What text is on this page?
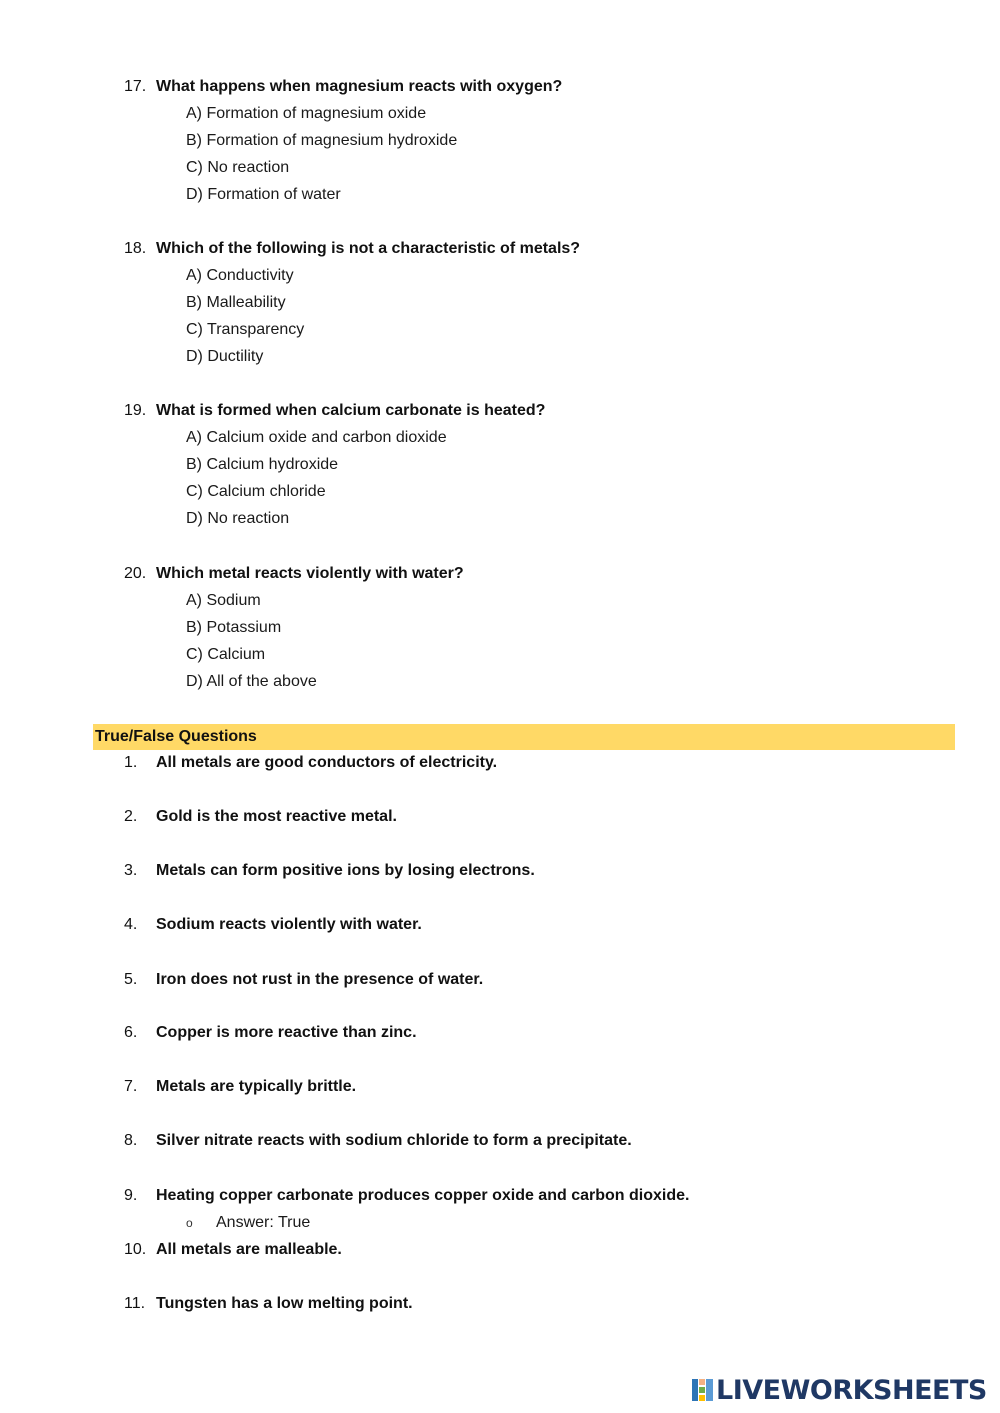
17. What happens when magnesium reacts with oxygen?
A) Formation of magnesium oxide
B) Formation of magnesium hydroxide
C) No reaction
D) Formation of water
18. Which of the following is not a characteristic of metals?
A) Conductivity
B) Malleability
C) Transparency
D) Ductility
19. What is formed when calcium carbonate is heated?
A) Calcium oxide and carbon dioxide
B) Calcium hydroxide
C) Calcium chloride
D) No reaction
20. Which metal reacts violently with water?
A) Sodium
B) Potassium
C) Calcium
D) All of the above
True/False Questions
1.	All metals are good conductors of electricity.
2.	Gold is the most reactive metal.
3.	Metals can form positive ions by losing electrons.
4.	Sodium reacts violently with water.
5.	Iron does not rust in the presence of water.
6.	Copper is more reactive than zinc.
7.	Metals are typically brittle.
8.	Silver nitrate reacts with sodium chloride to form a precipitate.
9.	Heating copper carbonate produces copper oxide and carbon dioxide.
o Answer: True
10. All metals are malleable.
11. Tungsten has a low melting point.
LIVEWORKSHEETS
